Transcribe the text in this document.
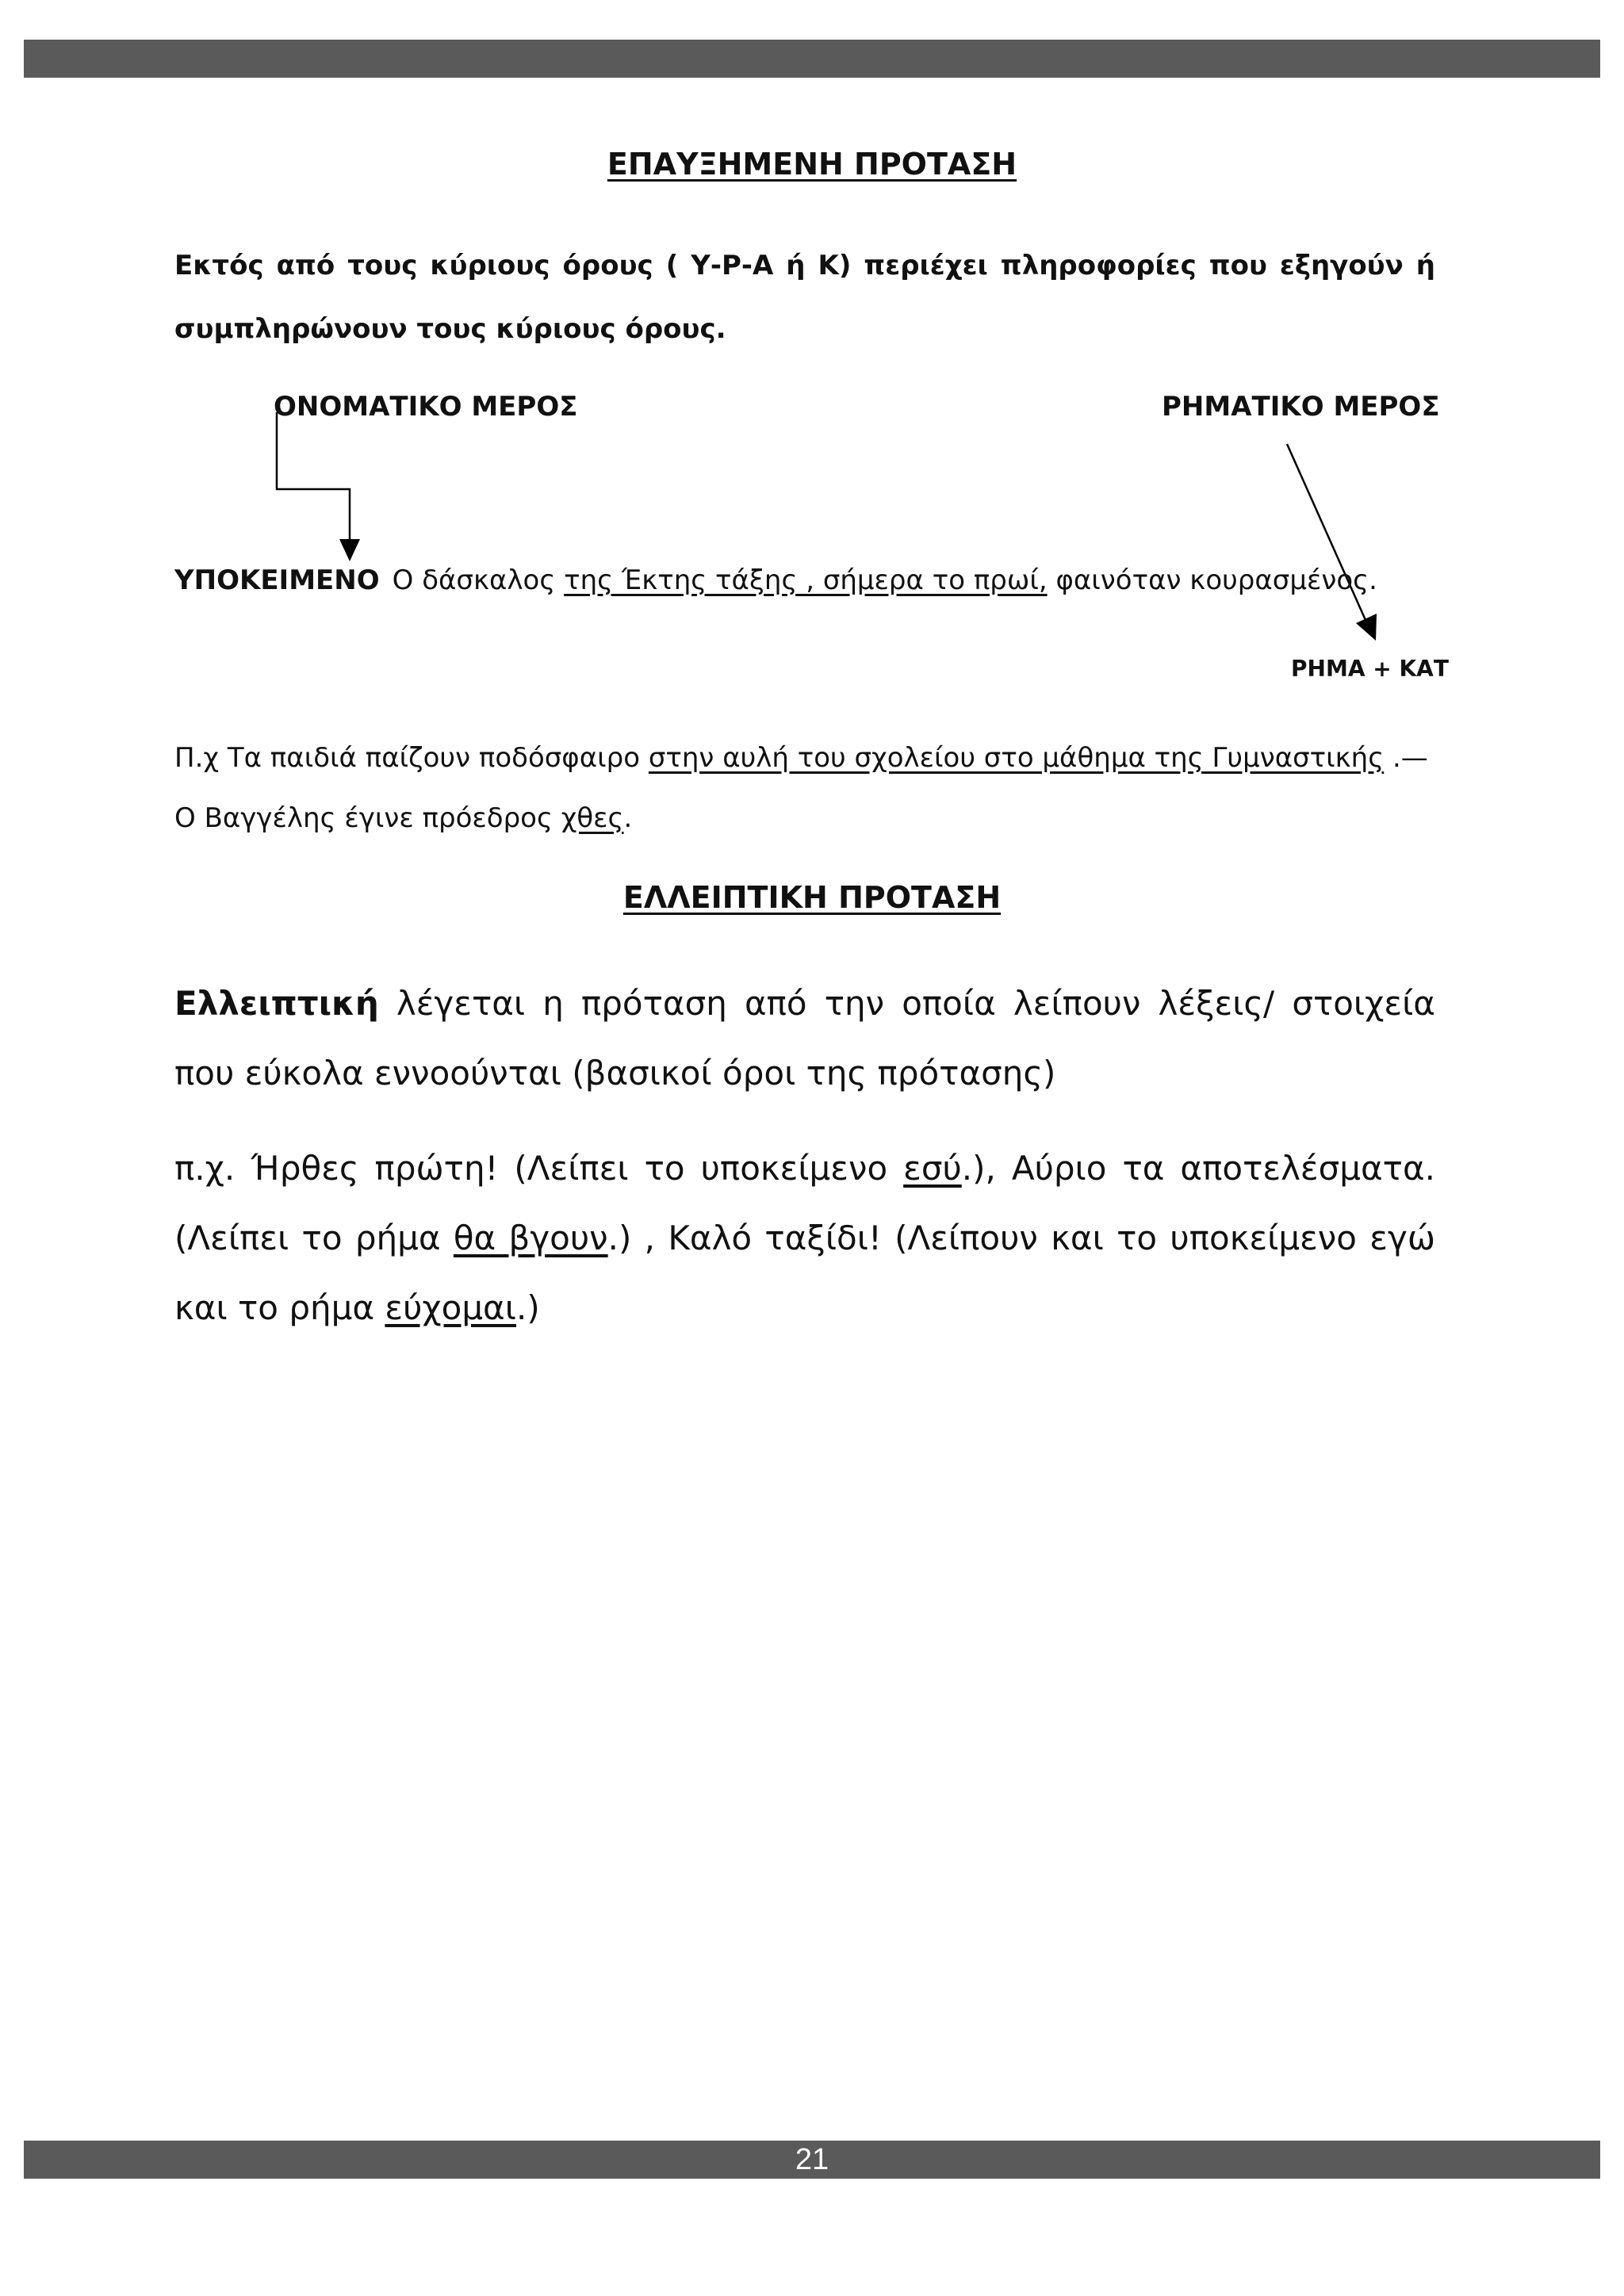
ΕΠΑΥΞΗΜΕΝΗ ΠΡΟΤΑΣΗ
Εκτός από τους κύριους όρους ( Υ-Ρ-Α ή Κ) περιέχει πληροφορίες που εξηγούν ή συμπληρώνουν τους κύριους όρους.
ΟΝΟΜΑΤΙΚΟ ΜΕΡΟΣ	ΡΗΜΑΤΙΚΟ ΜΕΡΟΣ
ΥΠΟΚΕΙΜΕΝΟ Ο δάσκαλος της Έκτης τάξης , σήμερα το πρωί, φαινόταν κουρασμένος.
ΡΗΜΑ + ΚΑΤ
Π.χ Τα παιδιά παίζουν ποδόσφαιρο στην αυλή του σχολείου στο μάθημα της Γυμναστικής .—
Ο Βαγγέλης έγινε πρόεδρος χθες.
ΕΛΛΕΙΠΤΙΚΗ ΠΡΟΤΑΣΗ
Ελλειπτική λέγεται η πρόταση από την οποία λείπουν λέξεις/ στοιχεία που εύκολα εννοούνται (βασικοί όροι της πρότασης)
π.χ. Ήρθες πρώτη! (Λείπει το υποκείμενο εσύ.), Αύριο τα αποτελέσματα. (Λείπει το ρήμα θα βγουν.) , Καλό ταξίδι! (Λείπουν και το υποκείμενο εγώ και το ρήμα εύχομαι.)
21
